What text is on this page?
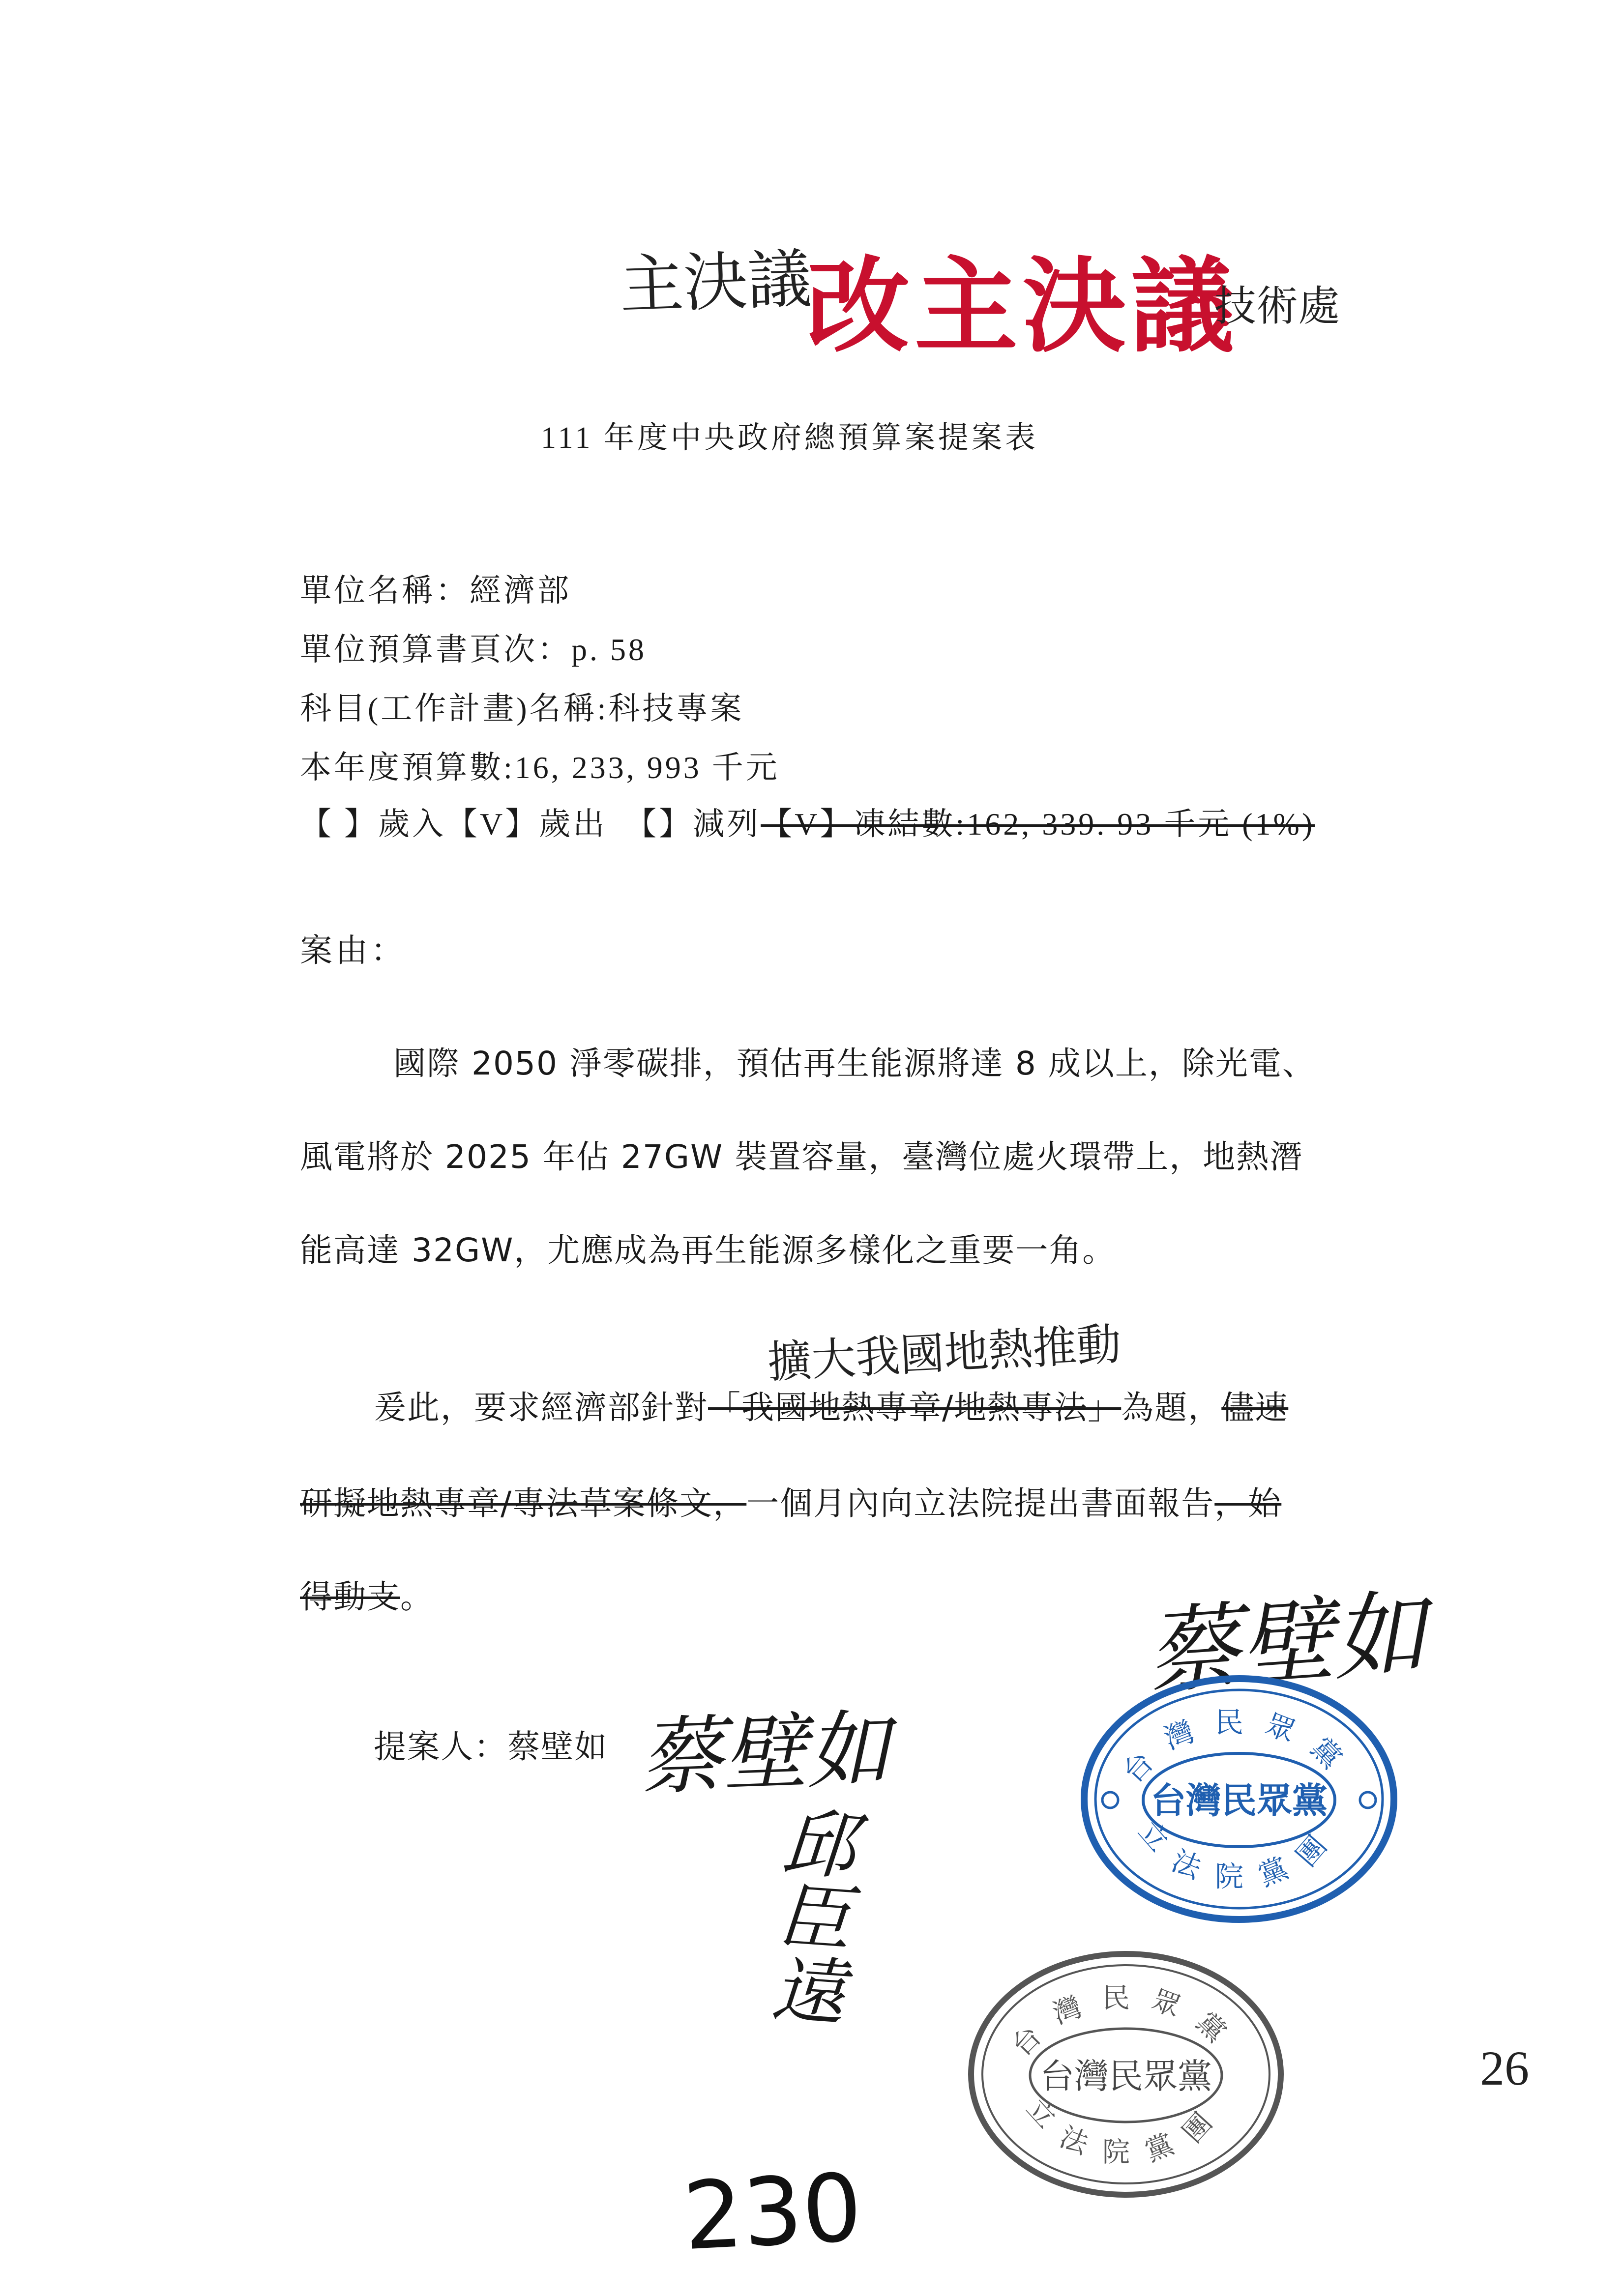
主決議
改主決議
技術處
111 年度中央政府總預算案提案表
單位名稱：經濟部
單位預算書頁次：p. 58
科目(工作計畫)名稱:科技專案
本年度預算數:16, 233, 993 千元
【 】歲入【V】歲出　【】減列【V】凍結數:162, 339. 93 千元 (1%)
案由：
國際 2050 淨零碳排，預估再生能源將達 8 成以上，除光電、
風電將於 2025 年佔 27GW 裝置容量，臺灣位處火環帶上，地熱潛
能高達 32GW，尤應成為再生能源多樣化之重要一角。
擴大我國地熱推動
爰此，要求經濟部針對「我國地熱專章/地熱專法」為題，儘速
研擬地熱專章/專法草案條文，一個月內向立法院提出書面報告，始
得動支。
提案人：蔡壁如
蔡壁如
蔡壁如
邱臣遠
230
台灣民眾黨
台灣民眾黨
立法院黨團
台灣民眾黨
台灣民眾黨
立法院黨團
26
